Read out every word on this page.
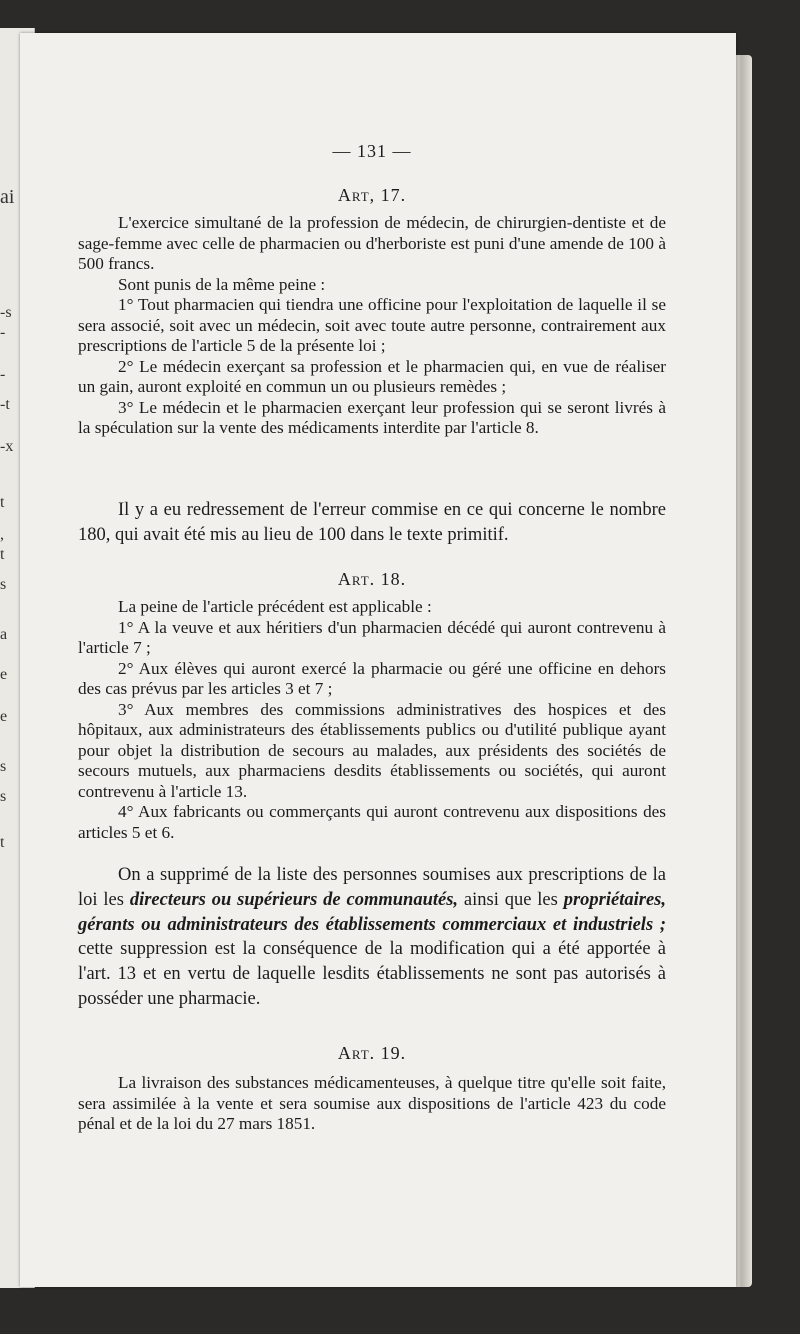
ai
-s
-
-
-t
-x
t
,
t
s
a
e
e
s
s
t
— 131 —
Art, 17.

L'exercice simultané de la profession de médecin, de chirurgien-dentiste et de sage-femme avec celle de pharmacien ou d'herboriste est puni d'une amende de 100 à 500 francs.

Sont punis de la même peine :

1° Tout pharmacien qui tiendra une officine pour l'exploitation de laquelle il se sera associé, soit avec un médecin, soit avec toute autre personne, contrairement aux prescriptions de l'article 5 de la présente loi ;

2° Le médecin exerçant sa profession et le pharmacien qui, en vue de réaliser un gain, auront exploité en commun un ou plusieurs remèdes ;

3° Le médecin et le pharmacien exerçant leur profession qui se seront livrés à la spéculation sur la vente des médicaments interdite par l'article 8.

Il y a eu redressement de l'erreur commise en ce qui concerne le nombre 180, qui avait été mis au lieu de 100 dans le texte primitif.

Art. 18.

La peine de l'article précédent est applicable :

1° A la veuve et aux héritiers d'un pharmacien décédé qui auront contrevenu à l'article 7 ;

2° Aux élèves qui auront exercé la pharmacie ou géré une officine en dehors des cas prévus par les articles 3 et 7 ;

3° Aux membres des commissions administratives des hospices et des hôpitaux, aux administrateurs des établissements publics ou d'utilité publique ayant pour objet la distribution de secours au malades, aux présidents des sociétés de secours mutuels, aux pharmaciens desdits établissements ou sociétés, qui auront contrevenu à l'article 13.

4° Aux fabricants ou commerçants qui auront contrevenu aux dispositions des articles 5 et 6.

On a supprimé de la liste des personnes soumises aux prescriptions de la loi les directeurs ou supérieurs de communautés, ainsi que les propriétaires, gérants ou administrateurs des établissements commerciaux et industriels ; cette suppression est la conséquence de la modification qui a été apportée à l'art. 13 et en vertu de laquelle lesdits établissements ne sont pas autorisés à posséder une pharmacie.

Art. 19.

La livraison des substances médicamenteuses, à quelque titre qu'elle soit faite, sera assimilée à la vente et sera soumise aux dispositions de l'article 423 du code pénal et de la loi du 27 mars 1851.
